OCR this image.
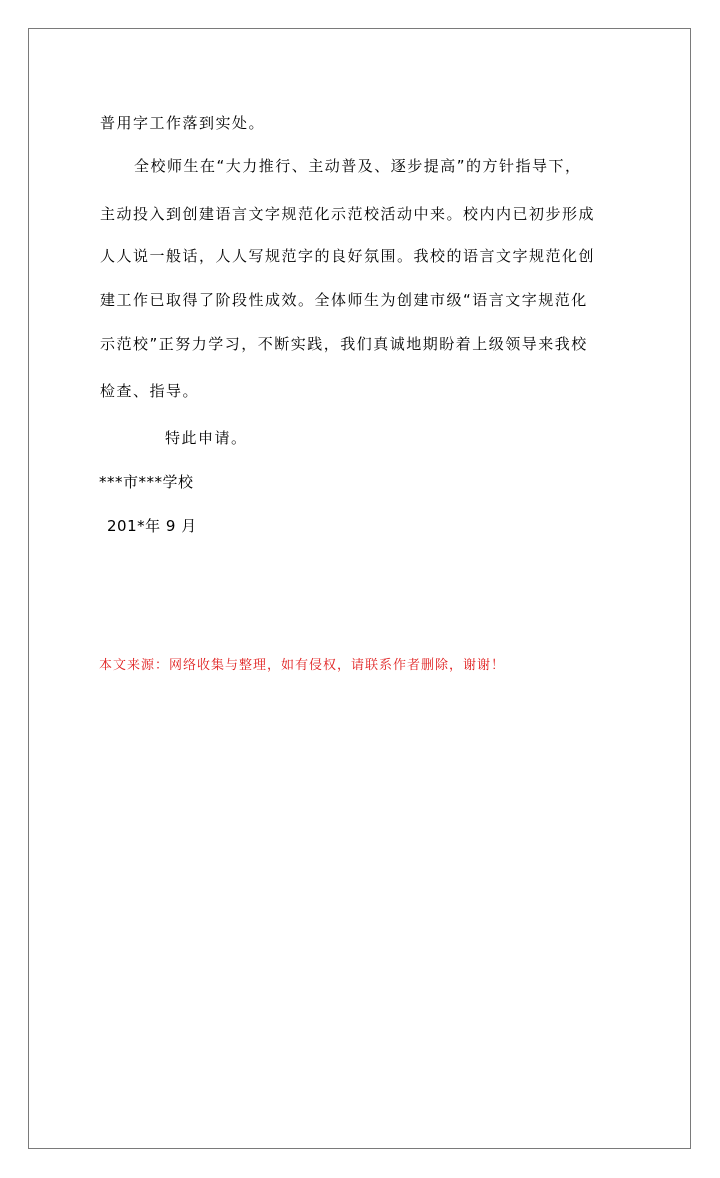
普用字工作落到实处。
全校师生在“大力推行、主动普及、逐步提高”的方针指导下，
主动投入到创建语言文字规范化示范校活动中来。校内内已初步形成
人人说一般话，人人写规范字的良好氛围。我校的语言文字规范化创
建工作已取得了阶段性成效。全体师生为创建市级“语言文字规范化
示范校”正努力学习，不断实践，我们真诚地期盼着上级领导来我校
检查、指导。
特此申请。
***市***学校
201*年 9 月
本文来源：网络收集与整理，如有侵权，请联系作者删除，谢谢！
